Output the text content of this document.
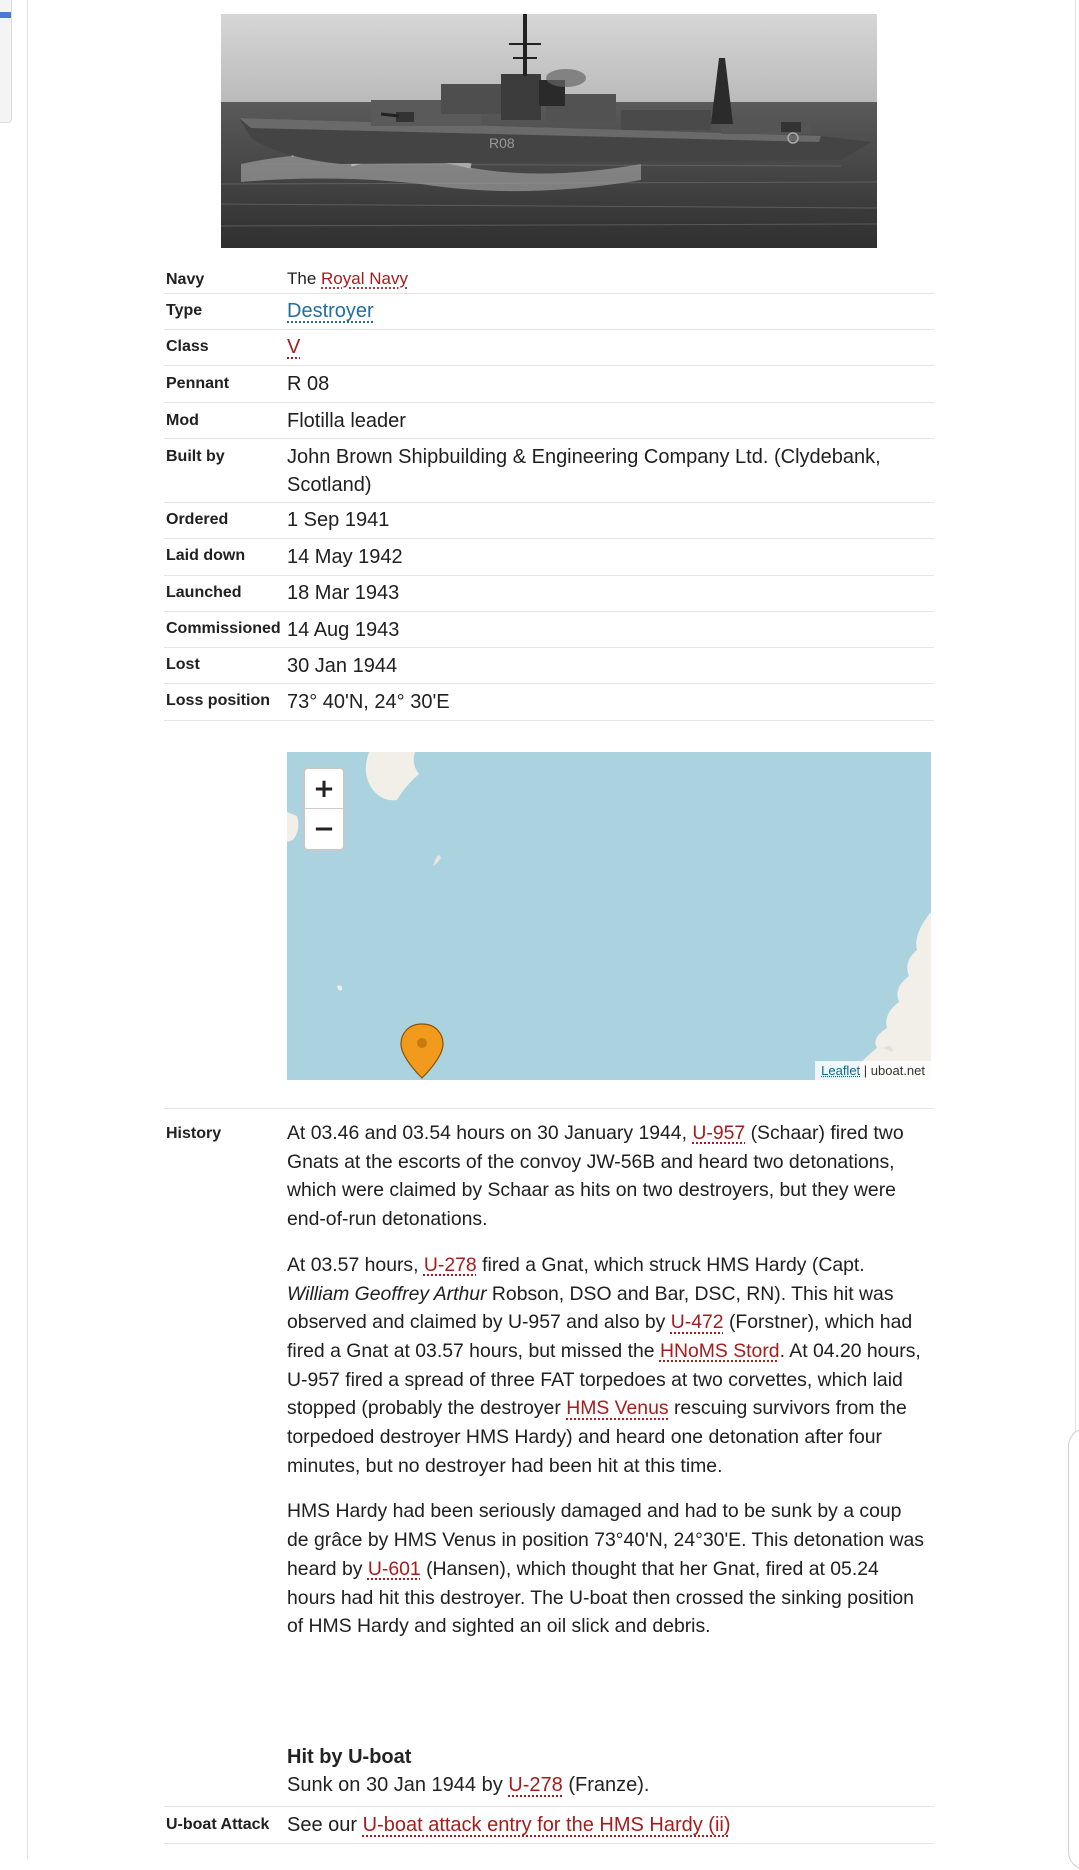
R08
Navy	The Royal Navy
Type	Destroyer
Class	V
Pennant	R 08
Mod	Flotilla leader
Built by	John Brown Shipbuilding & Engineering Company Ltd. (Clydebank, Scotland)
Ordered	1 Sep 1941
Laid down 14 May 1942
Launched 18 Mar 1943
Commissioned 14 Aug 1943
Lost	30 Jan 1944
Loss position 73° 40'N, 24° 30'E
+
−
Leaflet | uboat.net
History	At 03.46 and 03.54 hours on 30 January 1944, U-957 (Schaar) fired two Gnats at the escorts of the convoy JW-56B and heard two detonations, which were claimed by Schaar as hits on two destroyers, but they were end-of-run detonations.

At 03.57 hours, U-278 fired a Gnat, which struck HMS Hardy (Capt. William Geoffrey Arthur Robson, DSO and Bar, DSC, RN). This hit was observed and claimed by U-957 and also by U-472 (Forstner), which had fired a Gnat at 03.57 hours, but missed the HNoMS Stord. At 04.20 hours, U-957 fired a spread of three FAT torpedoes at two corvettes, which laid stopped (probably the destroyer HMS Venus rescuing survivors from the torpedoed destroyer HMS Hardy) and heard one detonation after four minutes, but no destroyer had been hit at this time.

HMS Hardy had been seriously damaged and had to be sunk by a coup de grâce by HMS Venus in position 73°40'N, 24°30'E. This detonation was heard by U-601 (Hansen), which thought that her Gnat, fired at 05.24 hours had hit this destroyer. The U-boat then crossed the sinking position of HMS Hardy and sighted an oil slick and debris.

Hit by U-boat
Sunk on 30 Jan 1944 by U-278 (Franze).
U-boat Attack See our U-boat attack entry for the HMS Hardy (ii)
